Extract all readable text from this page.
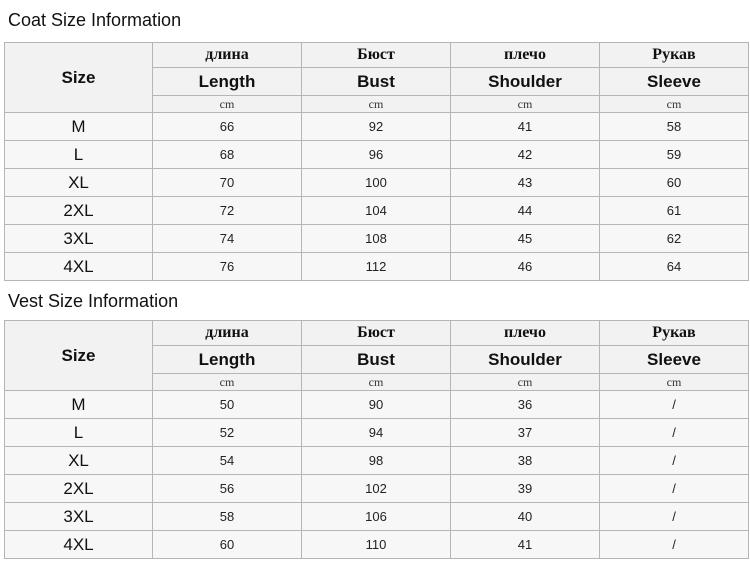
Coat Size Information
Size	длина	Бюст	плечо	Рукав
	Length	Bust	Shoulder	Sleeve
	cm	cm	cm	cm
M	66	92	41	58
L	68	96	42	59
XL	70	100	43	60
2XL	72	104	44	61
3XL	74	108	45	62
4XL	76	112	46	64
Vest Size Information
Size	длина	Бюст	плечо	Рукав
	Length	Bust	Shoulder	Sleeve
	cm	cm	cm	cm
M	50	90	36	/
L	52	94	37	/
XL	54	98	38	/
2XL	56	102	39	/
3XL	58	106	40	/
4XL	60	110	41	/
